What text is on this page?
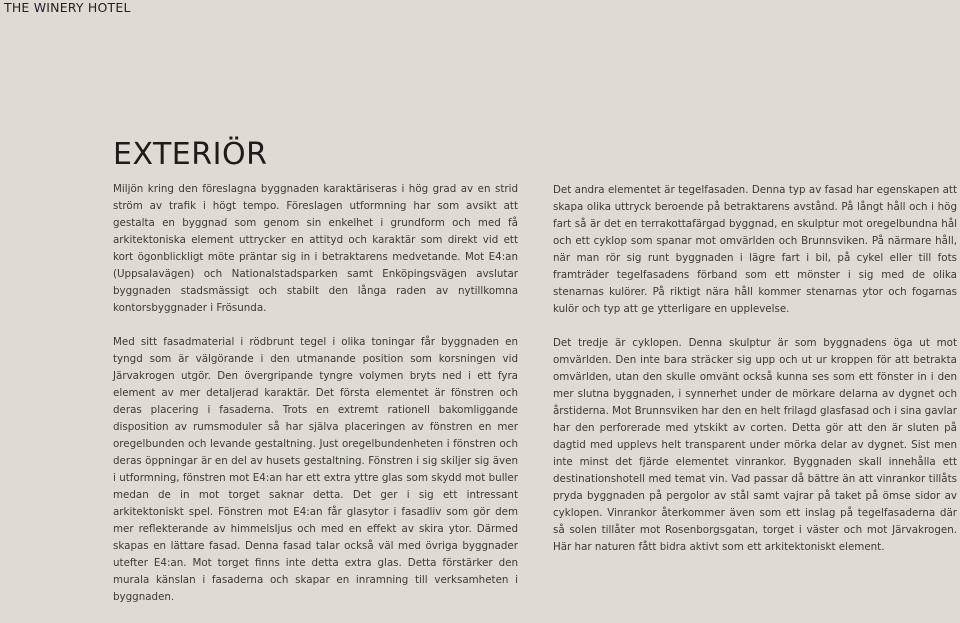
THE WINERY HOTEL
EXTERIÖR

Miljön kring den föreslagna byggnaden karaktäriseras i hög grad av en strid ström av trafik i högt tempo. Föreslagen utformning har som avsikt att gestalta en byggnad som genom sin enkelhet i grundform och med få arkitektoniska element uttrycker en attityd och karaktär som direkt vid ett kort ögonblickligt möte präntar sig in i betraktarens medvetande. Mot E4:an (Uppsalavägen) och Nationalstadsparken samt Enköpingsvägen avslutar byggnaden stadsmässigt och stabilt den långa raden av nytillkomna kontorsbyggnader i Frösunda.

Med sitt fasadmaterial i rödbrunt tegel i olika toningar får byggnaden en tyngd som är välgörande i den utmanande position som korsningen vid Järvakrogen utgör. Den övergripande tyngre volymen bryts ned i ett fyra element av mer detaljerad karaktär. Det första elementet är fönstren och deras placering i fasaderna. Trots en extremt rationell bakomliggande disposition av rumsmoduler så har själva placeringen av fönstren en mer oregelbunden och levande gestaltning. Just oregelbundenheten i fönstren och deras öppningar är en del av husets gestaltning. Fönstren i sig skiljer sig även i utformning, fönstren mot E4:an har ett extra yttre glas som skydd mot buller medan de in mot torget saknar detta. Det ger i sig ett intressant arkitektoniskt spel. Fönstren mot E4:an får glasytor i fasadliv som gör dem mer reflekterande av himmelsljus och med en effekt av skira ytor. Därmed skapas en lättare fasad. Denna fasad talar också väl med övriga byggnader utefter E4:an. Mot torget finns inte detta extra glas. Detta förstärker den murala känslan i fasaderna och skapar en inramning till verksamheten i byggnaden.

Det andra elementet är tegelfasaden. Denna typ av fasad har egenskapen att skapa olika uttryck beroende på betraktarens avstånd. På långt håll och i hög fart så är det en terrakottafärgad byggnad, en skulptur mot oregelbundna hål och ett cyklop som spanar mot omvärlden och Brunnsviken. På närmare håll, när man rör sig runt byggnaden i lägre fart i bil, på cykel eller till fots framträder tegelfasadens förband som ett mönster i sig med de olika stenarnas kulörer. På riktigt nära håll kommer stenarnas ytor och fogarnas kulör och typ att ge ytterligare en upplevelse.

Det tredje är cyklopen. Denna skulptur är som byggnadens öga ut mot omvärlden. Den inte bara sträcker sig upp och ut ur kroppen för att betrakta omvärlden, utan den skulle omvänt också kunna ses som ett fönster in i den mer slutna byggnaden, i synnerhet under de mörkare delarna av dygnet och årstiderna. Mot Brunnsviken har den en helt frilagd glasfasad och i sina gavlar har den perforerade med ytskikt av corten. Detta gör att den är sluten på dagtid med upplevs helt transparent under mörka delar av dygnet. Sist men inte minst det fjärde elementet vinrankor. Byggnaden skall innehålla ett destinationshotell med temat vin. Vad passar då bättre än att vinrankor tillåts pryda byggnaden på pergolor av stål samt vajrar på taket på ömse sidor av cyklopen. Vinrankor återkommer även som ett inslag på tegelfasaderna där så solen tillåter mot Rosenborgsgatan, torget i väster och mot Järvakrogen. Här har naturen fått bidra aktivt som ett arkitektoniskt element.
